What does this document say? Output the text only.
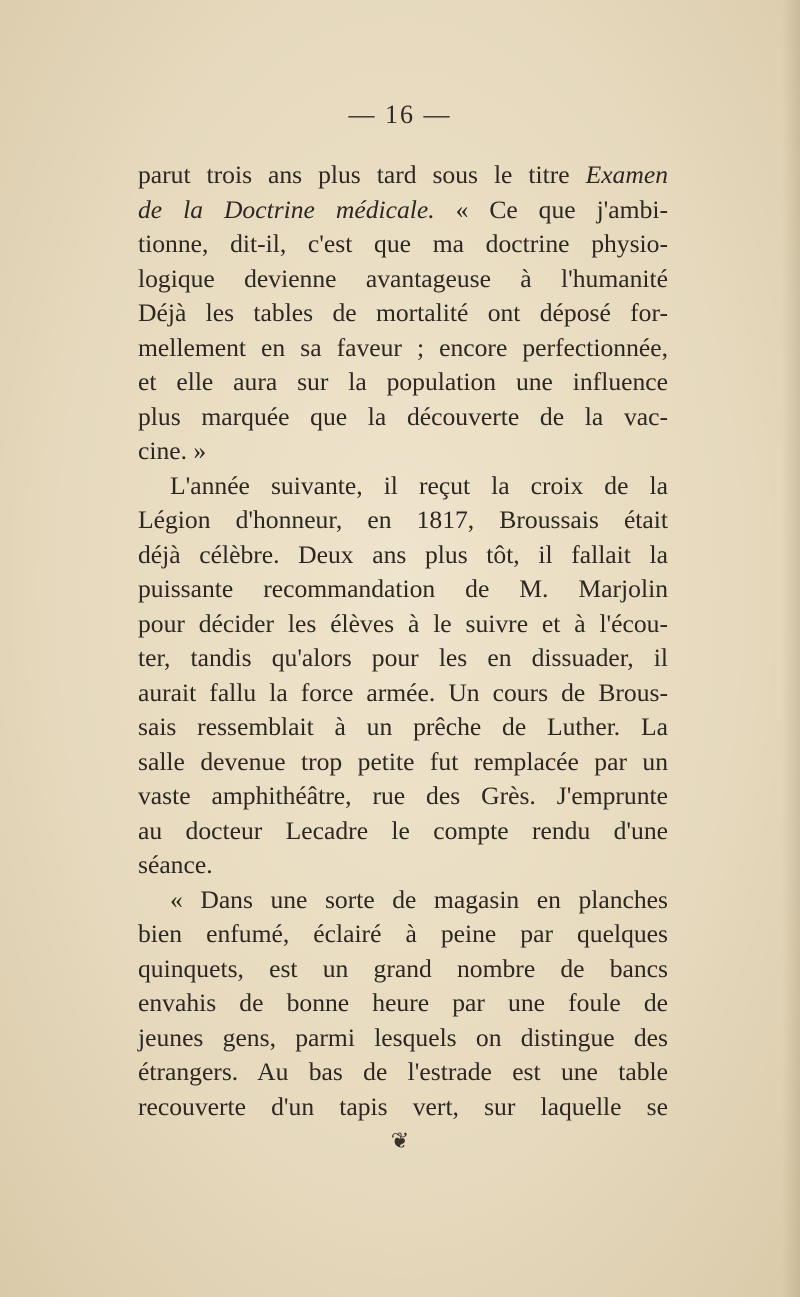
— 16 —
parut trois ans plus tard sous le titre Examen
de la Doctrine médicale. « Ce que j'ambi-
tionne, dit-il, c'est que ma doctrine physio-
logique devienne avantageuse à l'humanité
Déjà les tables de mortalité ont déposé for-
mellement en sa faveur ; encore perfectionnée,
et elle aura sur la population une influence
plus marquée que la découverte de la vac-
cine. »
L'année suivante, il reçut la croix de la
Légion d'honneur, en 1817, Broussais était
déjà célèbre. Deux ans plus tôt, il fallait la
puissante recommandation de M. Marjolin
pour décider les élèves à le suivre et à l'écou-
ter, tandis qu'alors pour les en dissuader, il
aurait fallu la force armée. Un cours de Brous-
sais ressemblait à un prêche de Luther. La
salle devenue trop petite fut remplacée par un
vaste amphithéâtre, rue des Grès. J'emprunte
au docteur Lecadre le compte rendu d'une
séance.
« Dans une sorte de magasin en planches
bien enfumé, éclairé à peine par quelques
quinquets, est un grand nombre de bancs
envahis de bonne heure par une foule de
jeunes gens, parmi lesquels on distingue des
étrangers. Au bas de l'estrade est une table
recouverte d'un tapis vert, sur laquelle se
❦
